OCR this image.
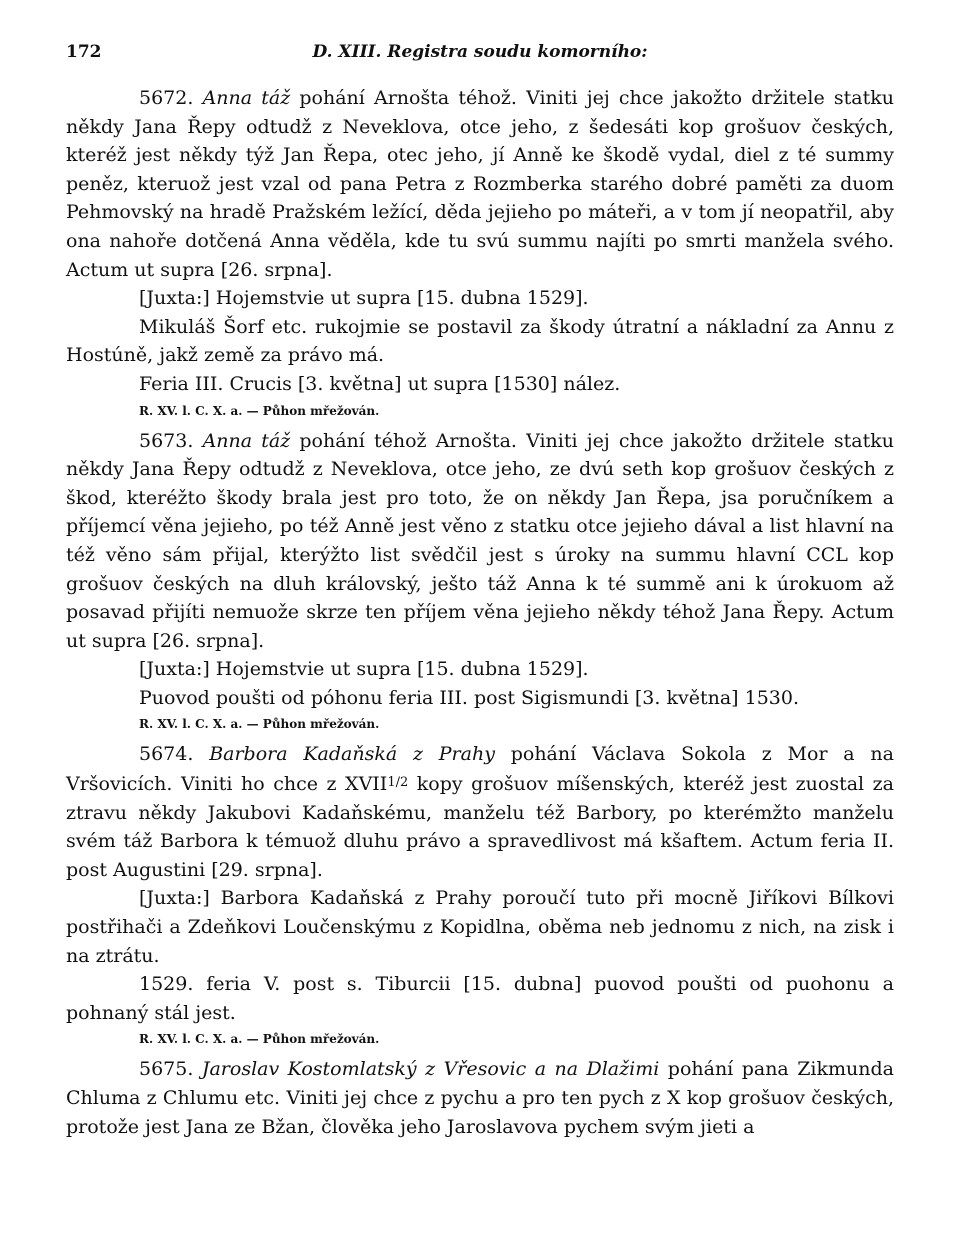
172	D. XIII. Registra soudu komorního:

5672. Anna táž pohání Arnošta téhož. Viniti jej chce jakožto držitele statku někdy Jana Řepy odtudž z Neveklova, otce jeho, z šedesáti kop grošuov českých, kteréž jest někdy týž Jan Řepa, otec jeho, jí Anně ke škodě vydal, diel z té summy peněz, kteruož jest vzal od pana Petra z Rozmberka starého dobré paměti za duom Pehmovský na hradě Pražském ležící, děda jejieho po máteři, a v tom jí neopatřil, aby ona nahoře dotčená Anna věděla, kde tu svú summu najíti po smrti manžela svého. Actum ut supra [26. srpna].

[Juxta:] Hojemstvie ut supra [15. dubna 1529].

Mikuláš Šorf etc. rukojmie se postavil za škody útratní a nákladní za Annu z Hostúně, jakž země za právo má.

Feria III. Crucis [3. května] ut supra [1530] nález.

R. XV. l. C. X. a. — Půhon mřežován.

5673. Anna táž pohání téhož Arnošta. Viniti jej chce jakožto držitele statku někdy Jana Řepy odtudž z Neveklova, otce jeho, ze dvú seth kop grošuov českých z škod, kteréžto škody brala jest pro toto, že on někdy Jan Řepa, jsa poručníkem a příjemcí věna jejieho, po též Anně jest věno z statku otce jejieho dával a list hlavní na též věno sám přijal, kterýžto list svědčil jest s úroky na summu hlavní CCL kop grošuov českých na dluh královský, ješto táž Anna k té summě ani k úrokuom až posavad přijíti nemuože skrze ten příjem věna jejieho někdy téhož Jana Řepy. Actum ut supra [26. srpna].

[Juxta:] Hojemstvie ut supra [15. dubna 1529].

Puovod poušti od póhonu feria III. post Sigismundi [3. května] 1530.

R. XV. l. C. X. a. — Půhon mřežován.

5674. Barbora Kadaňská z Prahy pohání Václava Sokola z Mor a na Vršovicích. Viniti ho chce z $XVII^{1/2}$ kopy grošuov míšenských, kteréž jest zuostal za ztravu někdy Jakubovi Kadaňskému, manželu též Barbory, po kterémžto manželu svém táž Barbora k témuož dluhu právo a spravedlivost má kšaftem. Actum feria II. post Augustini [29. srpna].

[Juxta:] Barbora Kadaňská z Prahy poroučí tuto při mocně Jiříkovi Bílkovi postřihači a Zdeňkovi Loučenskýmu z Kopidlna, oběma neb jednomu z nich, na zisk i na ztrátu.

1529. feria V. post s. Tiburcii [15. dubna] puovod poušti od puohonu a pohnaný stál jest.

R. XV. l. C. X. a. — Půhon mřežován.

5675. Jaroslav Kostomlatský z Vřesovic a na Dlažimi pohání pana Zikmunda Chluma z Chlumu etc. Viniti jej chce z pychu a pro ten pych z X kop grošuov českých, protože jest Jana ze Bžan, člověka jeho Jaroslavova pychem svým jieti a
